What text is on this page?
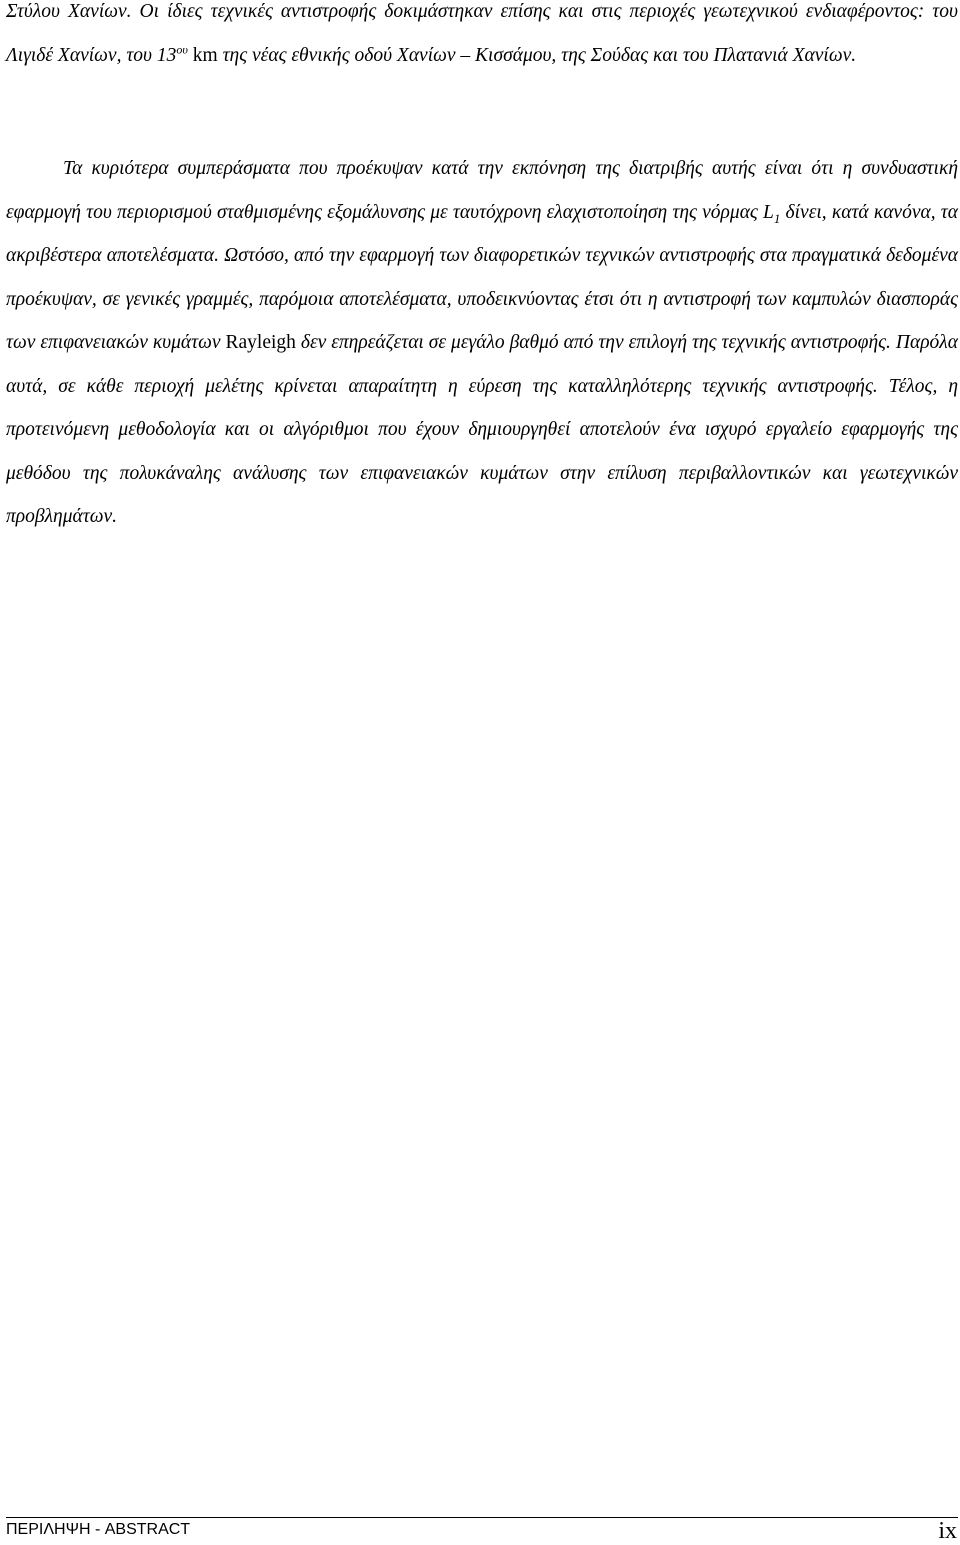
Στύλου Χανίων. Οι ίδιες τεχνικές αντιστροφής δοκιμάστηκαν επίσης και στις περιοχές γεωτεχνικού ενδιαφέροντος: του Λιγιδέ Χανίων, του $13^{o\upsilon}$ km της νέας εθνικής οδού Χανίων – Κισσάμου, της Σούδας και του Πλατανιά Χανίων.

Τα κυριότερα συμπεράσματα που προέκυψαν κατά την εκπόνηση της διατριβής αυτής είναι ότι η συνδυαστική εφαρμογή του περιορισμού σταθμισμένης εξομάλυνσης με ταυτόχρονη ελαχιστοποίηση της νόρμας $L_1$ δίνει, κατά κανόνα, τα ακριβέστερα αποτελέσματα. Ωστόσο, από την εφαρμογή των διαφορετικών τεχνικών αντιστροφής στα πραγματικά δεδομένα προέκυψαν, σε γενικές γραμμές, παρόμοια αποτελέσματα, υποδεικνύοντας έτσι ότι η αντιστροφή των καμπυλών διασποράς των επιφανειακών κυμάτων Rayleigh δεν επηρεάζεται σε μεγάλο βαθμό από την επιλογή της τεχνικής αντιστροφής. Παρόλα αυτά, σε κάθε περιοχή μελέτης κρίνεται απαραίτητη η εύρεση της καταλληλότερης τεχνικής αντιστροφής. Τέλος, η προτεινόμενη μεθοδολογία και οι αλγόριθμοι που έχουν δημιουργηθεί αποτελούν ένα ισχυρό εργαλείο εφαρμογής της μεθόδου της πολυκάναλης ανάλυσης των επιφανειακών κυμάτων στην επίλυση περιβαλλοντικών και γεωτεχνικών προβλημάτων.

ΠΕΡΙΛΗΨΗ - ABSTRACT	ix
